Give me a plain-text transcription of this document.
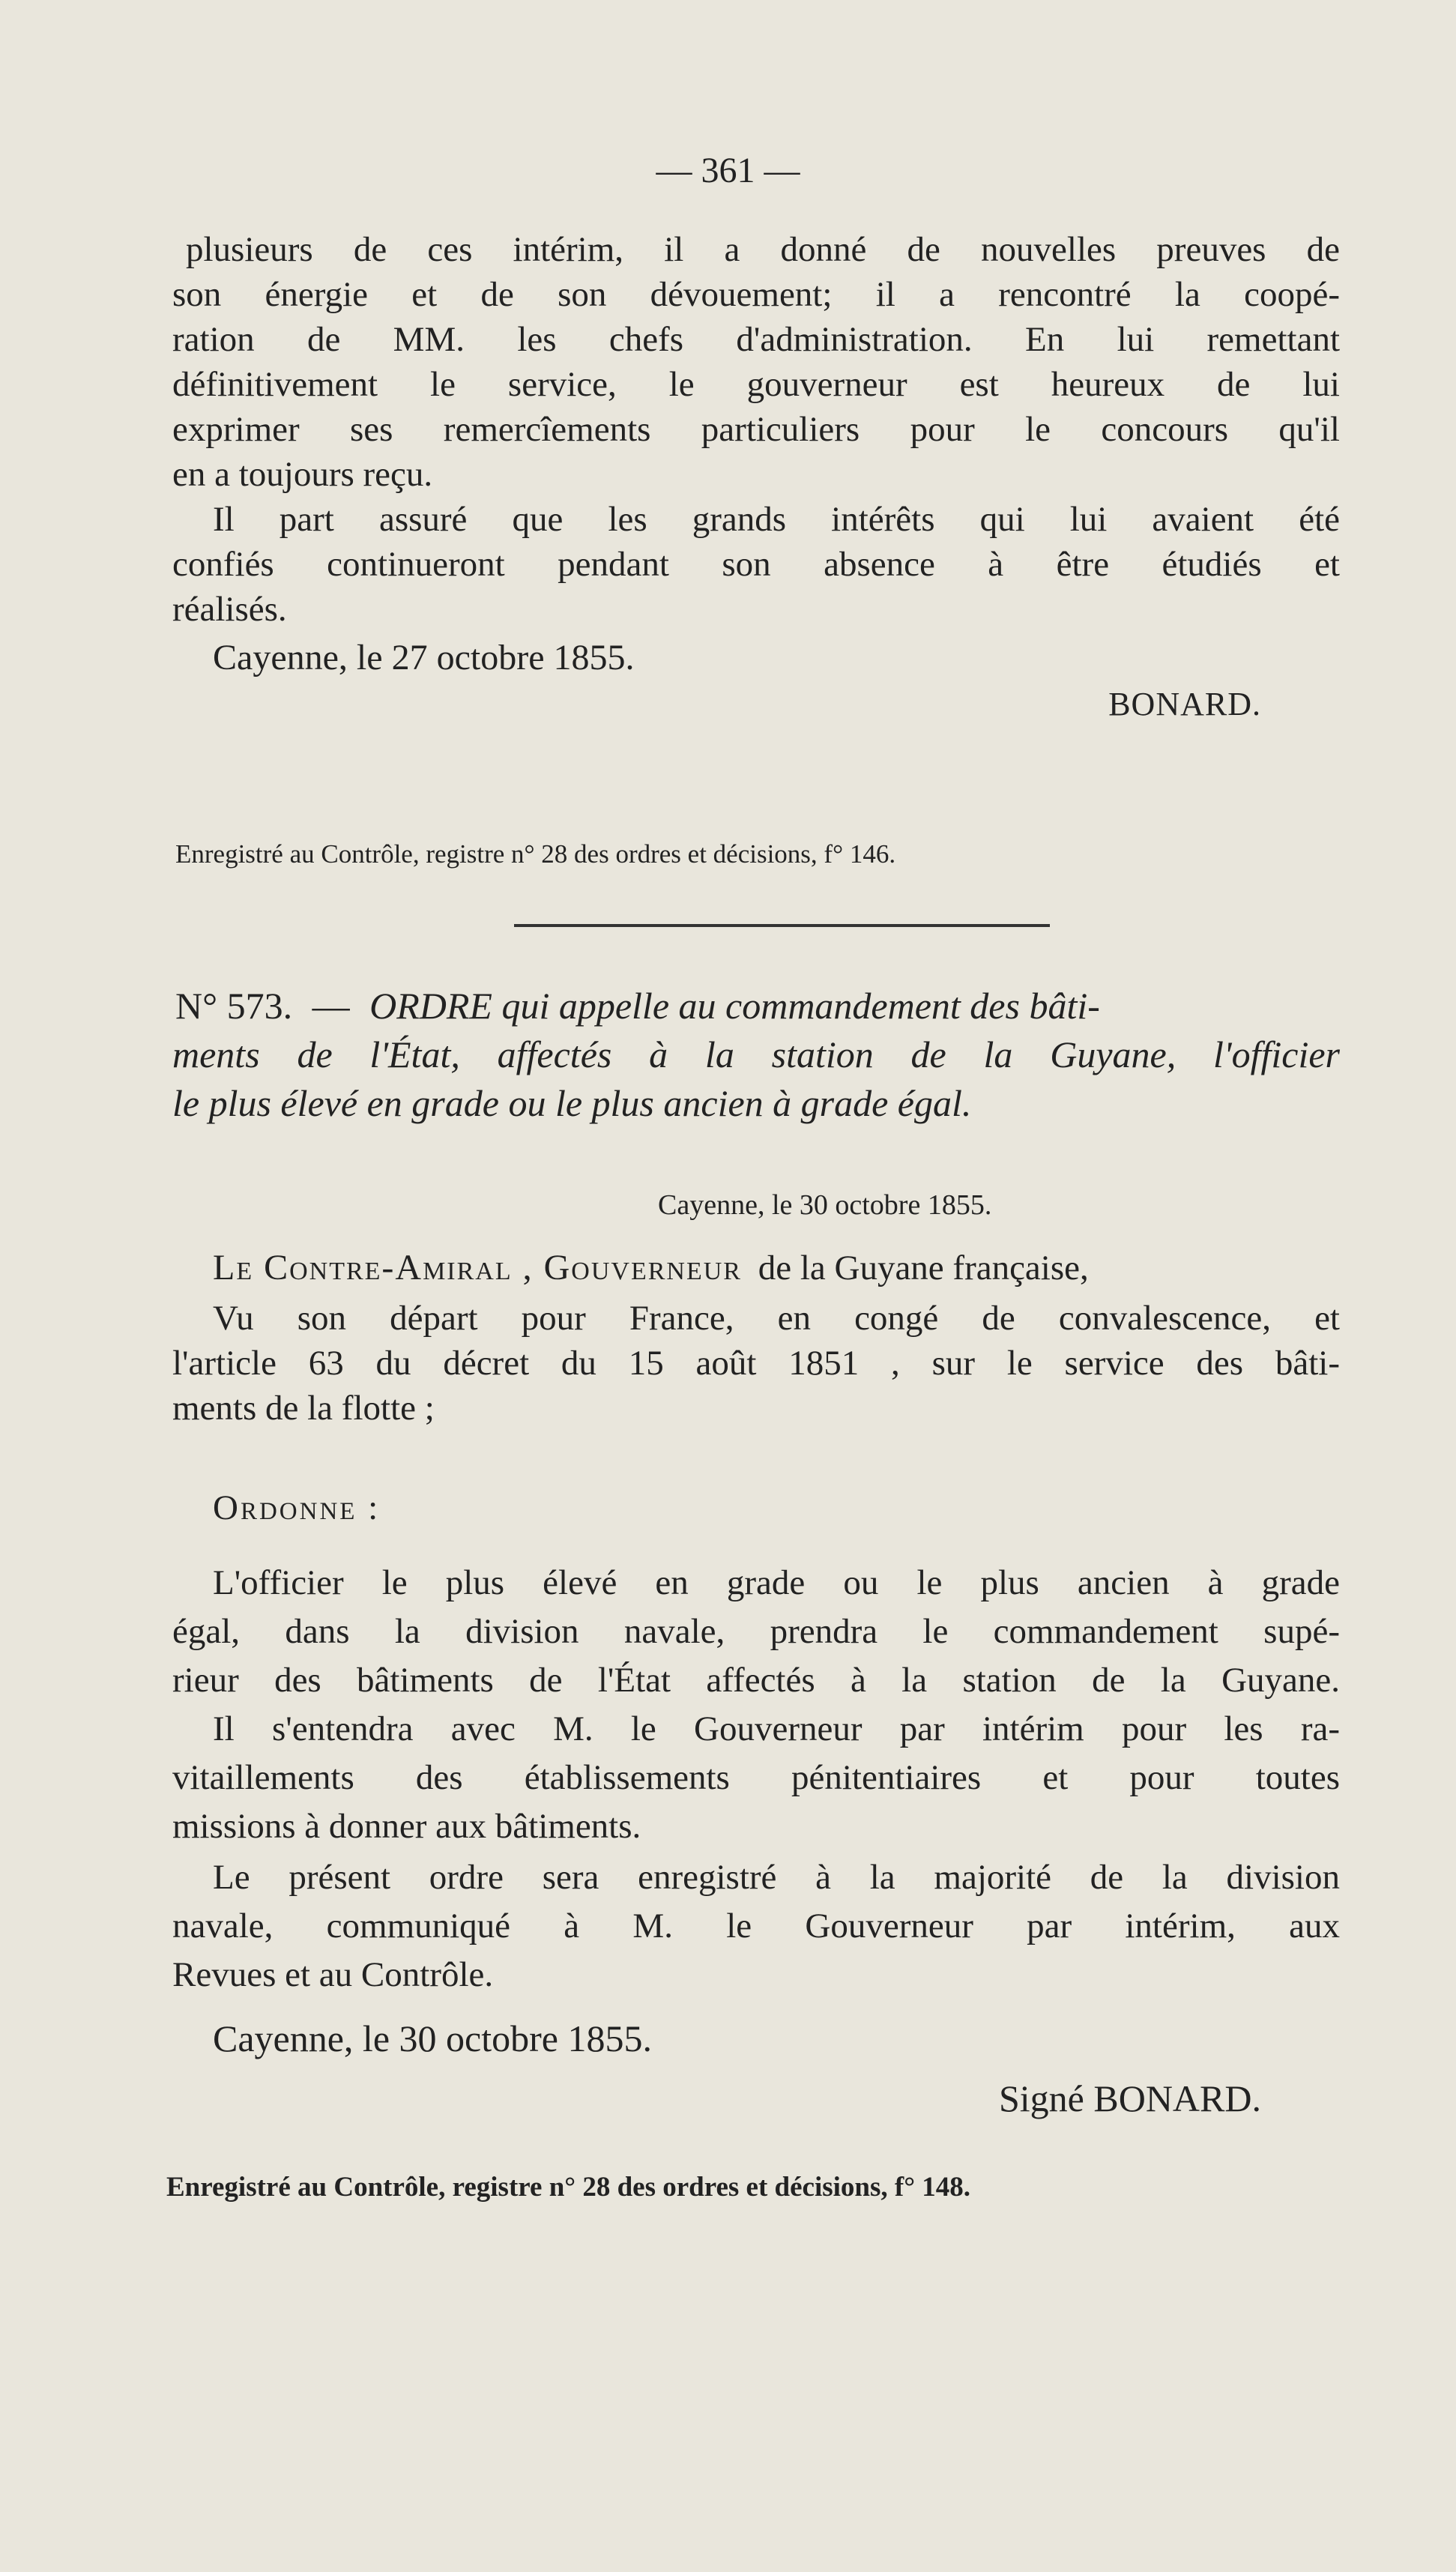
— 361 —
plusieurs de ces intérim, il a donné de nouvelles preuves de
son énergie et de son dévouement; il a rencontré la coopé-
ration de MM. les chefs d'administration. En lui remettant
définitivement le service, le gouverneur est heureux de lui
exprimer ses remercîements particuliers pour le concours qu'il
en a toujours reçu.
Il part assuré que les grands intérêts qui lui avaient été
confiés continueront pendant son absence à être étudiés et
réalisés.
Cayenne, le 27 octobre 1855.
BONARD.
Enregistré au Contrôle, registre n° 28 des ordres et décisions, f° 146.
N° 573. — ORDRE qui appelle au commandement des bâti-
ments de l'État, affectés à la station de la Guyane, l'officier
le plus élevé en grade ou le plus ancien à grade égal.
Cayenne, le 30 octobre 1855.
Le Contre-Amiral , Gouverneur de la Guyane française,
Vu son départ pour France, en congé de convalescence, et
l'article 63 du décret du 15 août 1851 , sur le service des bâti-
ments de la flotte ;
Ordonne :
L'officier le plus élevé en grade ou le plus ancien à grade
égal, dans la division navale, prendra le commandement supé-
rieur des bâtiments de l'État affectés à la station de la Guyane.
Il s'entendra avec M. le Gouverneur par intérim pour les ra-
vitaillements des établissements pénitentiaires et pour toutes
missions à donner aux bâtiments.
Le présent ordre sera enregistré à la majorité de la division
navale, communiqué à M. le Gouverneur par intérim, aux
Revues et au Contrôle.
Cayenne, le 30 octobre 1855.
Signé BONARD.
Enregistré au Contrôle, registre n° 28 des ordres et décisions, f° 148.
